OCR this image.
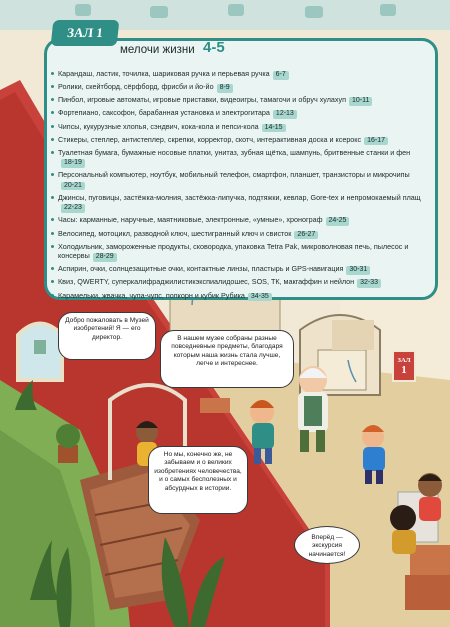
ЗАЛ 1
мелочи жизни 4-5
Карандаш, ластик, точилка, шариковая ручка и перьевая ручка 6-7
Ролики, скейтборд, сёрфборд, фрисби и йо-йо 8-9
Пинбол, игровые автоматы, игровые приставки, видеоигры, тамагочи и обруч хулахуп 10-11
Фортепиано, саксофон, барабанная установка и электрогитара 12-13
Чипсы, кукурузные хлопья, сэндвич, кока-кола и пепси-кола 14-15
Стикеры, степлер, антистеплер, скрепки, корректор, скотч, интерактивная доска и ксерокс 16-17
Туалетная бумага, бумажные носовые платки, унитаз, зубная щётка, шампунь, бритвенные станки и фен18-19
Персональный компьютер, ноутбук, мобильный телефон, смартфон, планшет, транзисторы и микрочипы20-21
Джинсы, пуговицы, застёжка-молния, застёжка-липучка, подтяжки, кевлар, Gore-tex и непромокаемый плащ22-23
Часы: карманные, наручные, маятниковые, электронные, «умные», хронограф 24-25
Велосипед, мотоцикл, разводной ключ, шестигранный ключ и свисток 26-27
Холодильник, замороженные продукты, сковородка, упаковка Tetra Pak, микроволновая печь, пылесос и консервы 28-29
Аспирин, очки, солнцезащитные очки, контактные линзы, пластырь и GPS-навигация 30-31
Квиз, QWERTY, суперкалифраджилистикэкспиалидошес, SOS, ТК, макгаффин и нейлон 32-33
Карамельки, жвачка, чупа-чупс, попкорн и кубик Рубика 34-35
Добро пожаловать в Музей изобретений! Я — его директор.	В нашем музее собраны разные повседневные предметы, благодаря которым наша жизнь стала лучше, легче и интереснее.
Но мы, конечно же, не забываем и о великих изобретениях человечества, и о самых бесполезных и абсурдных в истории.
Вперёд — экскурсия начинается!
ЗАЛ
1
